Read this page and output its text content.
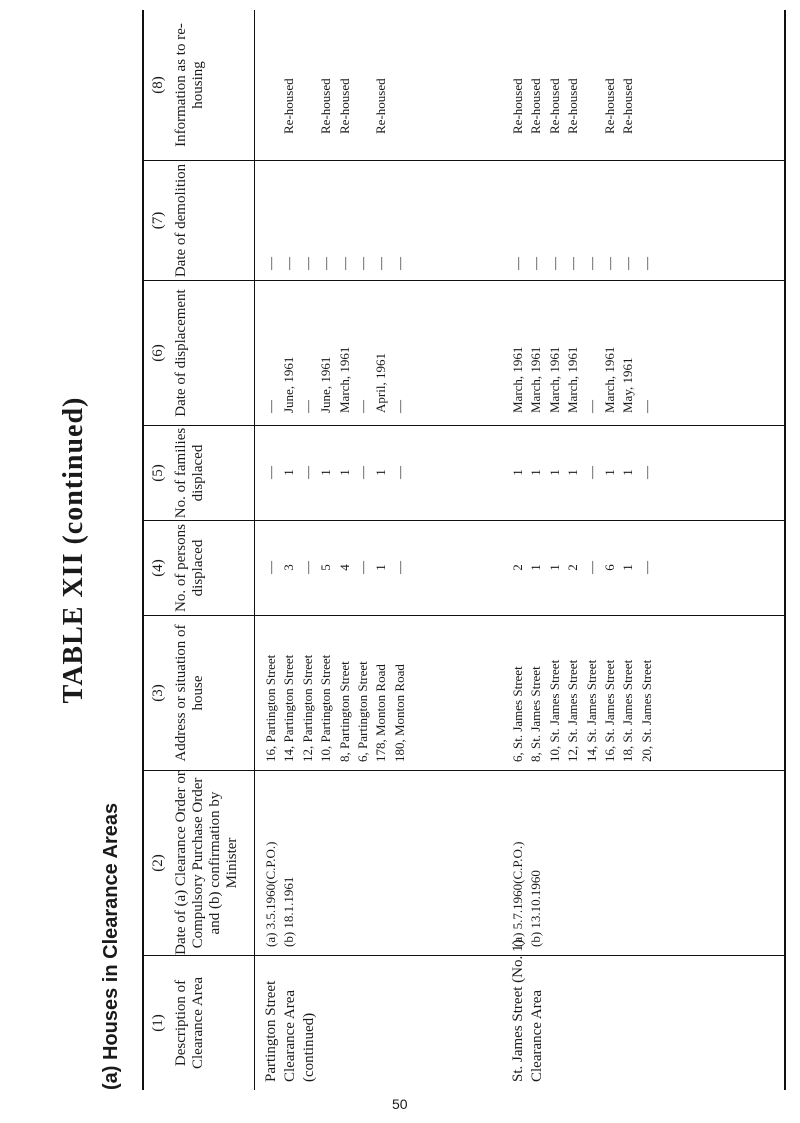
TABLE XII (continued)
(a) Houses in Clearance Areas (1) Description of Clearance Area
(2) Date of (a) Clearance Order or Compulsory Purchase Order and (b) confirmation by Minister
(3) Address or situation of house
(4) No. of persons displaced
(5) No. of families displaced
(6) Date of displacement
(7) Date of demolition
(8) Information as to re-housing
Partington Street Clearance Area (continued)
(a) 3.5.1960(C.P.O.) (b) 18.1.1961
16, Partington Street
—
—
—
—
14, Partington Street
3
1
June, 1961
—
Re-housed
12, Partington Street
—
—
—
—
10, Partington Street
5
1
June, 1961
—
Re-housed
8, Partington Street
4
1
March, 1961
—
Re-housed
6, Partington Street
—
—
—
—
178, Monton Road
1
1
April, 1961
—
Re-housed
180, Monton Road
—
—
—
—
St. James Street (No. 1) Clearance Area
(a) 5.7.1960(C.P.O.) (b) 13.10.1960
6, St. James Street
2
1
March, 1961
—
Re-housed
8, St. James Street
1
1
March, 1961
—
Re-housed
10, St. James Street
1
1
March, 1961
—
Re-housed
12, St. James Street
2
1
March, 1961
—
Re-housed
14, St. James Street
—
—
—
—
16, St. James Street
6
1
March, 1961
—
Re-housed
18, St. James Street
1
1
May, 1961
—
Re-housed
20, St. James Street
—
—
—
—
50
